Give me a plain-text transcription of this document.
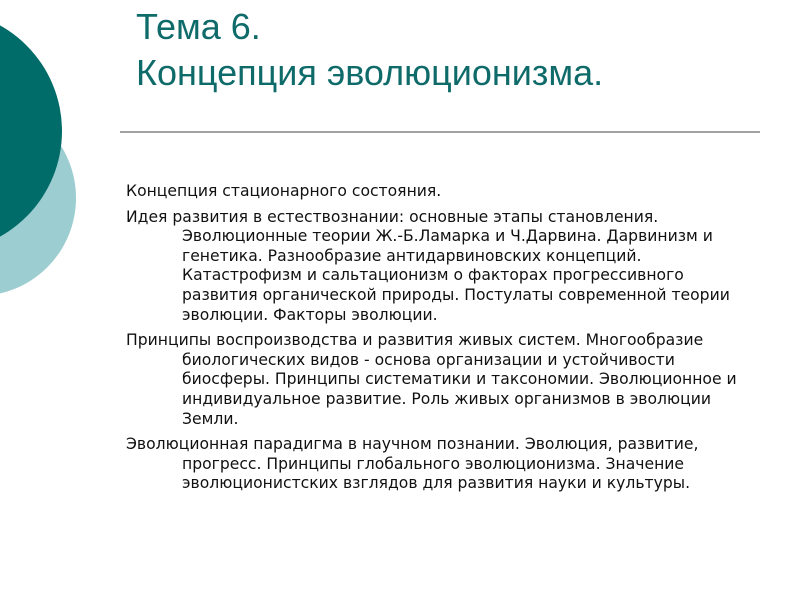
Тема 6.
Концепция эволюционизма.
Концепция стационарного состояния.
Идея развития в естествознании: основные этапы становления. Эволюционные теории Ж.-Б.Ламарка и Ч.Дарвина. Дарвинизм и генетика. Разнообразие антидарвиновских концепций. Катастрофизм и сальтационизм о факторах прогрессивного развития органической природы. Постулаты современной теории эволюции. Факторы эволюции.
Принципы воспроизводства и развития живых систем. Многообразие биологических видов - основа организации и устойчивости биосферы. Принципы систематики и таксономии. Эволюционное и индивидуальное развитие. Роль живых организмов в эволюции Земли.
Эволюционная парадигма в научном познании. Эволюция, развитие, прогресс. Принципы глобального эволюционизма. Значение эволюционистских взглядов для развития науки и культуры.
